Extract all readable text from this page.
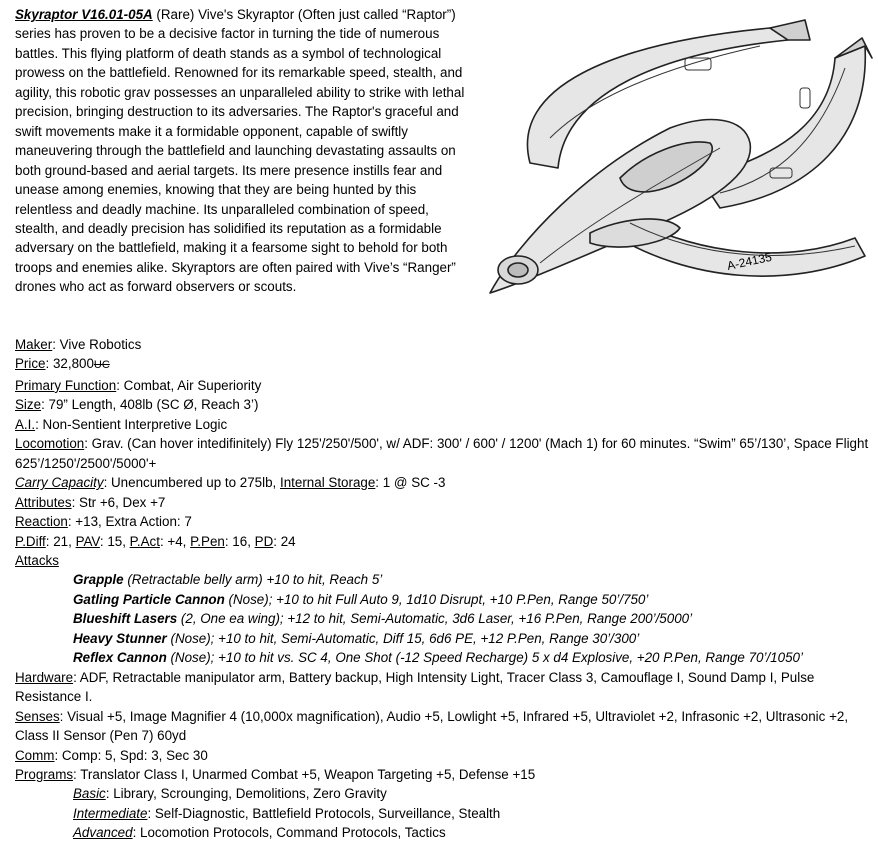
Skyraptor V16.01-05A (Rare) Vive's Skyraptor (Often just called “Raptor”) series has proven to be a decisive factor in turning the tide of numerous battles. This flying platform of death stands as a symbol of technological prowess on the battlefield. Renowned for its remarkable speed, stealth, and agility, this robotic grav possesses an unparalleled ability to strike with lethal precision, bringing destruction to its adversaries. The Raptor's graceful and swift movements make it a formidable opponent, capable of swiftly maneuvering through the battlefield and launching devastating assaults on both ground-based and aerial targets. Its mere presence instills fear and unease among enemies, knowing that they are being hunted by this relentless and deadly machine. Its unparalleled combination of speed, stealth, and deadly precision has solidified its reputation as a formidable adversary on the battlefield, making it a fearsome sight to behold for both troops and enemies alike. Skyraptors are often paired with Vive’s “Ranger” drones who act as forward observers or scouts.
A-24135
Maker: Vive Robotics
Price: 32,800UC
Primary Function: Combat, Air Superiority
Size: 79” Length, 408lb (SC Ø, Reach 3’)
A.I.: Non-Sentient Interpretive Logic
Locomotion: Grav. (Can hover intedifinitely) Fly 125'/250'/500', w/ ADF: 300' / 600' / 1200' (Mach 1) for 60 minutes. “Swim” 65’/130’, Space Flight 625’/1250'/2500'/5000'+
Carry Capacity: Unencumbered up to 275lb, Internal Storage: 1 @ SC -3
Attributes: Str +6, Dex +7
Reaction: +13, Extra Action: 7
P.Diff: 21, PAV: 15, P.Act: +4, P.Pen: 16, PD: 24
Attacks
Grapple (Retractable belly arm) +10 to hit, Reach 5’
Gatling Particle Cannon (Nose); +10 to hit Full Auto 9, 1d10 Disrupt, +10 P.Pen, Range 50’/750’
Blueshift Lasers (2, One ea wing); +12 to hit, Semi-Automatic, 3d6 Laser, +16 P.Pen, Range 200’/5000’
Heavy Stunner (Nose); +10 to hit, Semi-Automatic, Diff 15, 6d6 PE, +12 P.Pen, Range 30’/300’
Reflex Cannon (Nose); +10 to hit vs. SC 4, One Shot (-12 Speed Recharge) 5 x d4 Explosive, +20 P.Pen, Range 70’/1050’
Hardware: ADF, Retractable manipulator arm, Battery backup, High Intensity Light, Tracer Class 3, Camouflage I, Sound Damp I, Pulse Resistance I.
Senses: Visual +5, Image Magnifier 4 (10,000x magnification), Audio +5, Lowlight +5, Infrared +5, Ultraviolet +2, Infrasonic +2, Ultrasonic +2, Class II Sensor (Pen 7) 60yd
Comm: Comp: 5, Spd: 3, Sec 30
Programs: Translator Class I, Unarmed Combat +5, Weapon Targeting +5, Defense +15
Basic: Library, Scrounging, Demolitions, Zero Gravity
Intermediate: Self-Diagnostic, Battlefield Protocols, Surveillance, Stealth
Advanced: Locomotion Protocols, Command Protocols, Tactics
